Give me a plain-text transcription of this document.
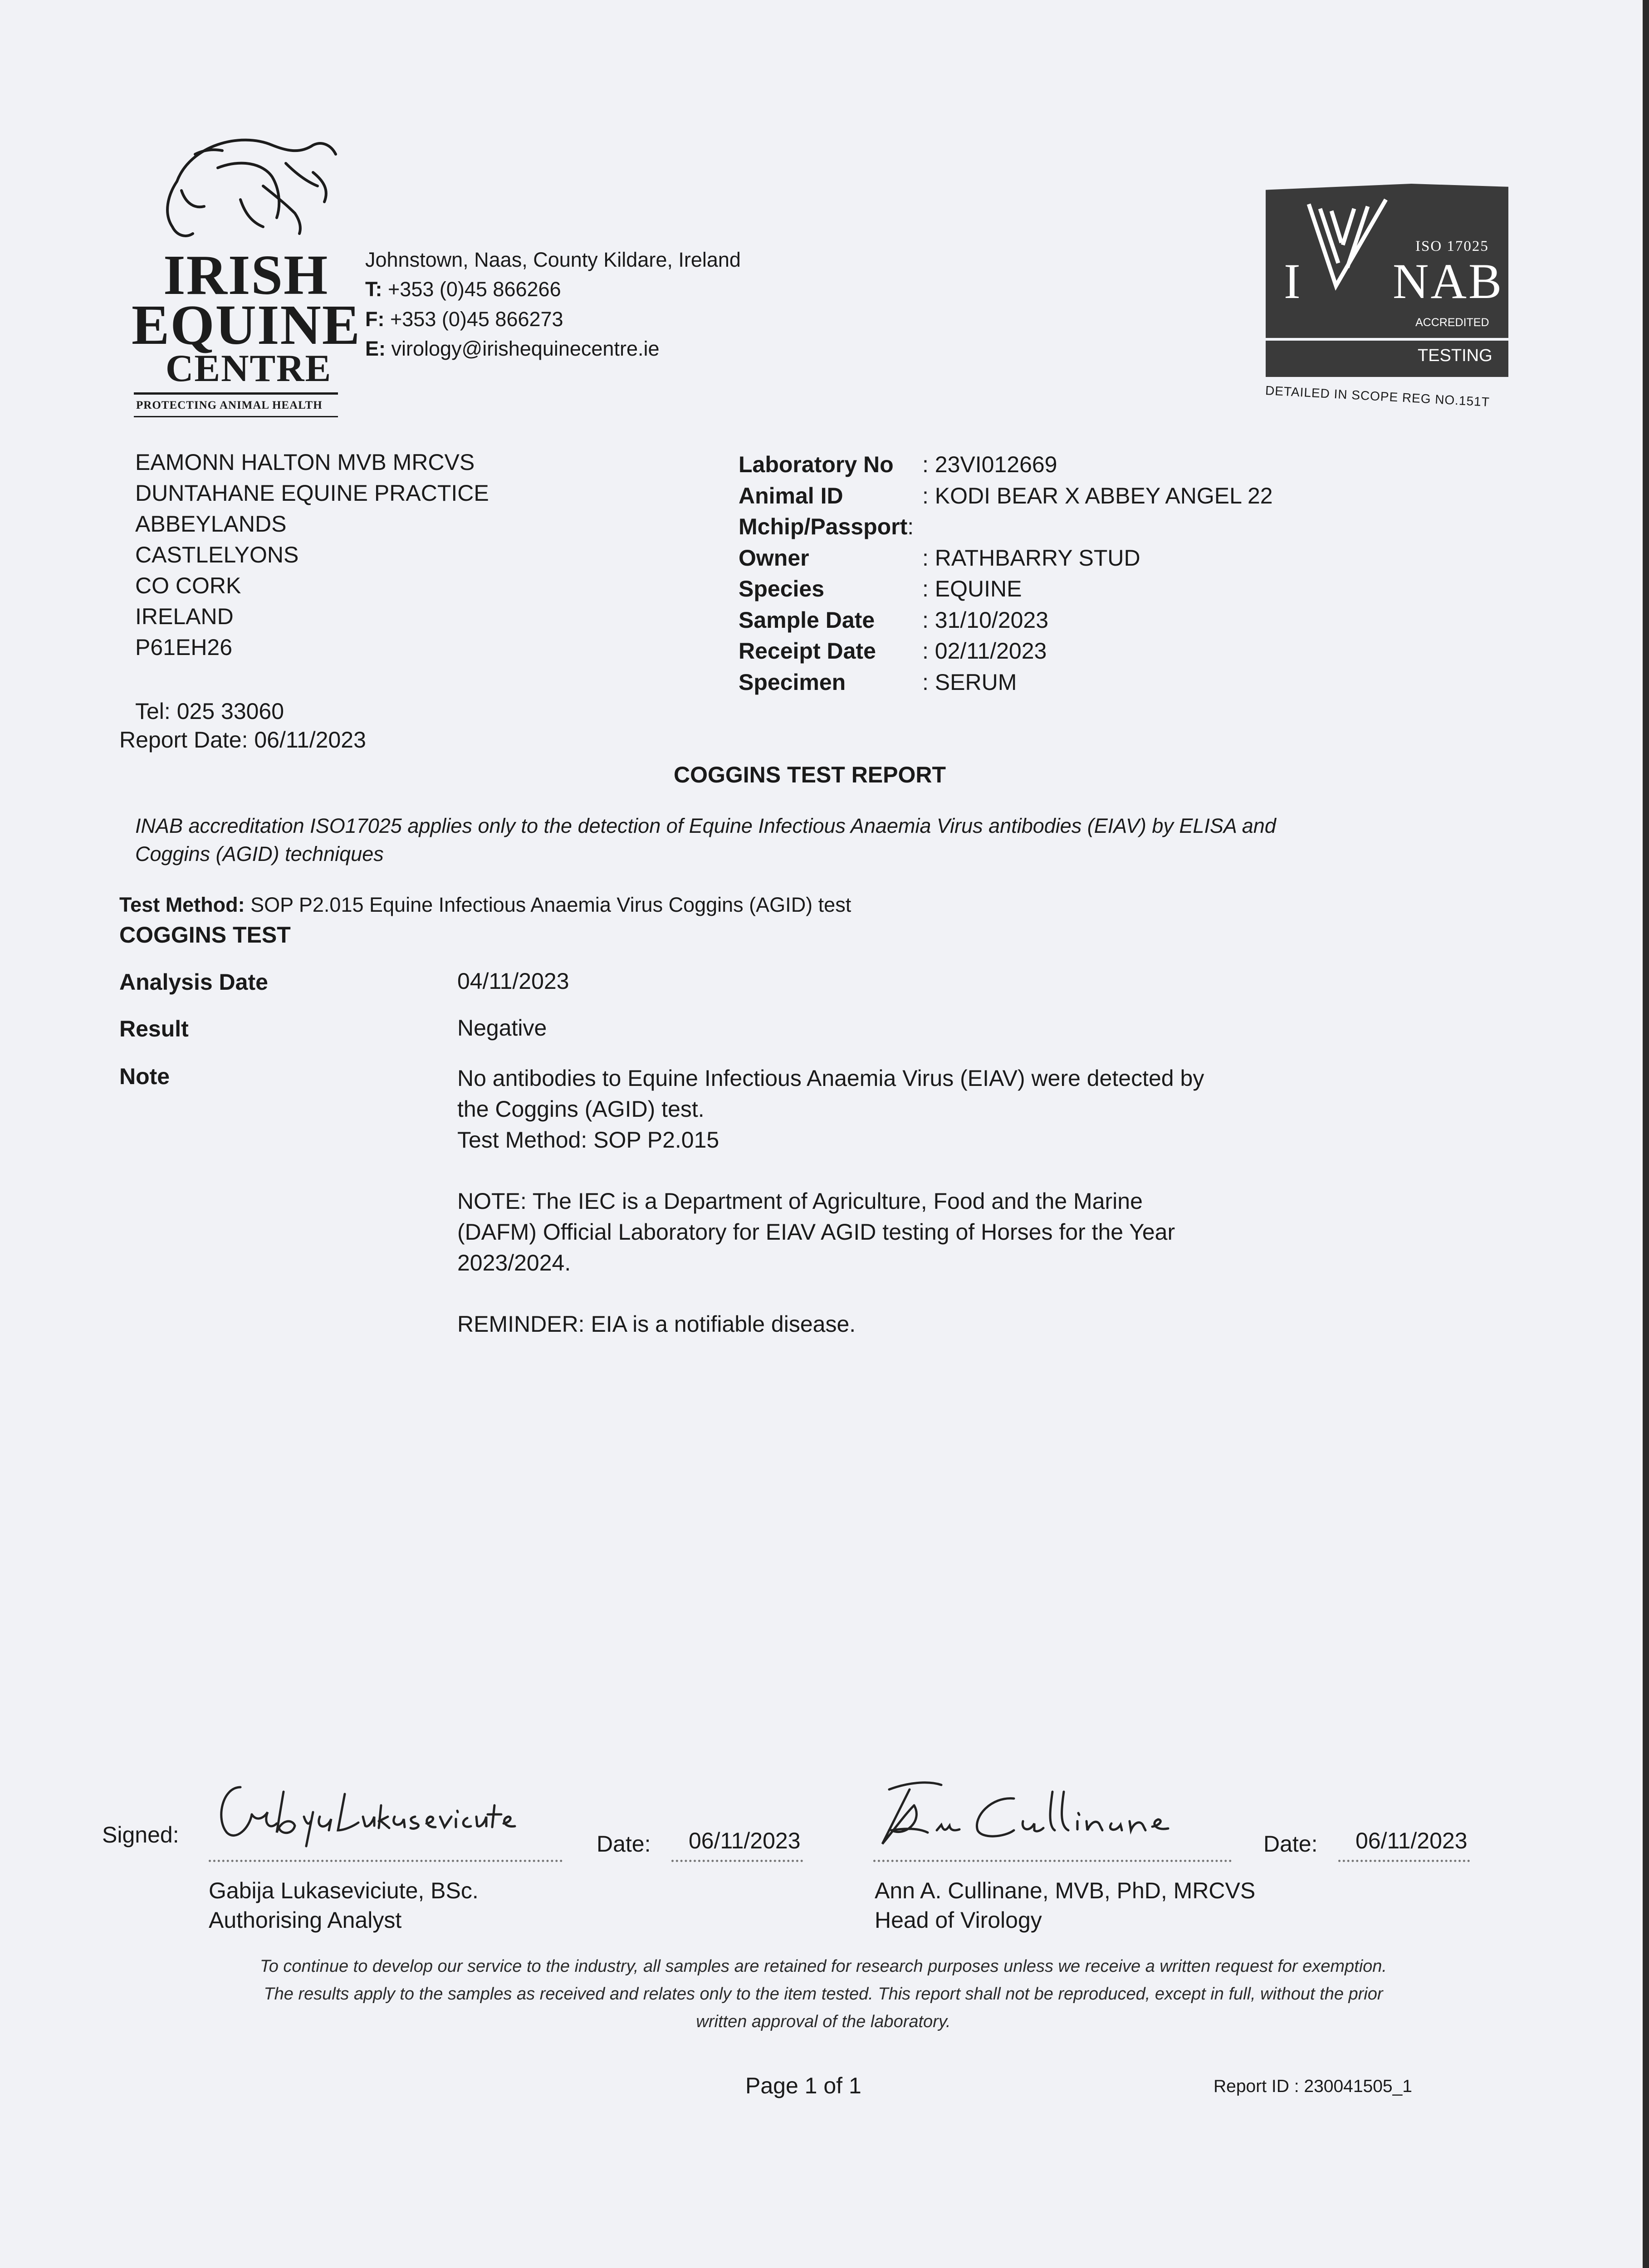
IRISH
EQUINE
CENTRE
PROTECTING ANIMAL HEALTH
Johnstown, Naas, County Kildare, Ireland
T: +353 (0)45 866266
F: +353 (0)45 866273
E: virology@irishequinecentre.ie
ISO 17025
I NAB
ACCREDITED
TESTING
DETAILED IN SCOPE REG NO.151T
EAMONN HALTON MVB MRCVS
DUNTAHANE EQUINE PRACTICE
ABBEYLANDS
CASTLELYONS
CO CORK
IRELAND
P61EH26
Tel: 025 33060
Report Date: 06/11/2023
Laboratory No : 23VI012669
Animal ID	: KODI BEAR X ABBEY ANGEL 22
Mchip/Passport:
Owner	: RATHBARRY STUD
Species	: EQUINE
Sample Date : 31/10/2023
Receipt Date : 02/11/2023
Specimen	: SERUM
COGGINS TEST REPORT
INAB accreditation ISO17025 applies only to the detection of Equine Infectious Anaemia Virus antibodies (EIAV) by ELISA and
Coggins (AGID) techniques
Test Method: SOP P2.015 Equine Infectious Anaemia Virus Coggins (AGID) test
COGGINS TEST
Analysis Date	04/11/2023
Result	Negative
Note	No antibodies to Equine Infectious Anaemia Virus (EIAV) were detected by
the Coggins (AGID) test.
Test Method: SOP P2.015
NOTE: The IEC is a Department of Agriculture, Food and the Marine
(DAFM) Official Laboratory for EIAV AGID testing of Horses for the Year
2023/2024.
REMINDER: EIA is a notifiable disease.
Signed:	Date: 06/11/2023
Gabija Lukaseviciute, BSc.
Authorising Analyst
Date: 06/11/2023
Ann A. Cullinane, MVB, PhD, MRCVS
Head of Virology
To continue to develop our service to the industry, all samples are retained for research purposes unless we receive a written request for exemption.
The results apply to the samples as received and relates only to the item tested. This report shall not be reproduced, except in full, without the prior
written approval of the laboratory.
Page 1 of 1	Report ID : 230041505_1
